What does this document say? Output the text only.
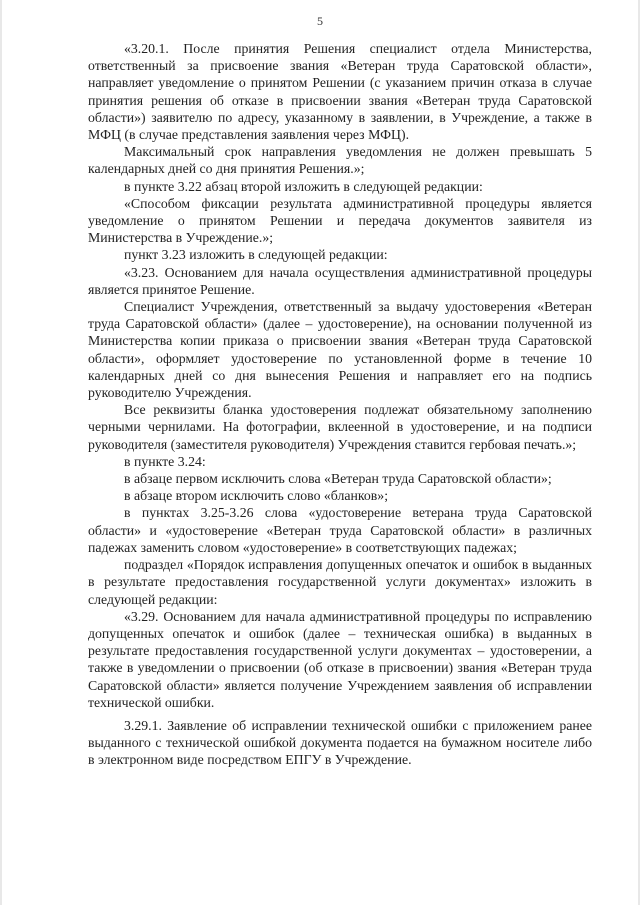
5

«3.20.1. После принятия Решения специалист отдела Министерства, ответственный за присвоение звания «Ветеран труда Саратовской области», направляет уведомление о принятом Решении (с указанием причин отказа в случае принятия решения об отказе в присвоении звания «Ветеран труда Саратовской области») заявителю по адресу, указанному в заявлении, в Учреждение, а также в МФЦ (в случае представления заявления через МФЦ).

Максимальный срок направления уведомления не должен превышать 5 календарных дней со дня принятия Решения.»;

в пункте 3.22 абзац второй изложить в следующей редакции:

«Способом фиксации результата административной процедуры является уведомление о принятом Решении и передача документов заявителя из Министерства в Учреждение.»;

пункт 3.23 изложить в следующей редакции:

«3.23. Основанием для начала осуществления административной процедуры является принятое Решение.

Специалист Учреждения, ответственный за выдачу удостоверения «Ветеран труда Саратовской области» (далее – удостоверение), на основании полученной из Министерства копии приказа о присвоении звания «Ветеран труда Саратовской области», оформляет удостоверение по установленной форме в течение 10 календарных дней со дня вынесения Решения и направляет его на подпись руководителю Учреждения.

Все реквизиты бланка удостоверения подлежат обязательному заполнению черными чернилами. На фотографии, вклеенной в удостоверение, и на подписи руководителя (заместителя руководителя) Учреждения ставится гербовая печать.»;

в пункте 3.24:

в абзаце первом исключить слова «Ветеран труда Саратовской области»;

в абзаце втором исключить слово «бланков»;

в пунктах 3.25-3.26 слова «удостоверение ветерана труда Саратовской области» и «удостоверение «Ветеран труда Саратовской области» в различных падежах заменить словом «удостоверение» в соответствующих падежах;

подраздел «Порядок исправления допущенных опечаток и ошибок в выданных в результате предоставления государственной услуги документах» изложить в следующей редакции:

«3.29. Основанием для начала административной процедуры по исправлению допущенных опечаток и ошибок (далее – техническая ошибка) в выданных в результате предоставления государственной услуги документах – удостоверении, а также в уведомлении о присвоении (об отказе в присвоении) звания «Ветеран труда Саратовской области» является получение Учреждением заявления об исправлении технической ошибки.

3.29.1. Заявление об исправлении технической ошибки с приложением ранее выданного с технической ошибкой документа подается на бумажном носителе либо в электронном виде посредством ЕПГУ в Учреждение.
